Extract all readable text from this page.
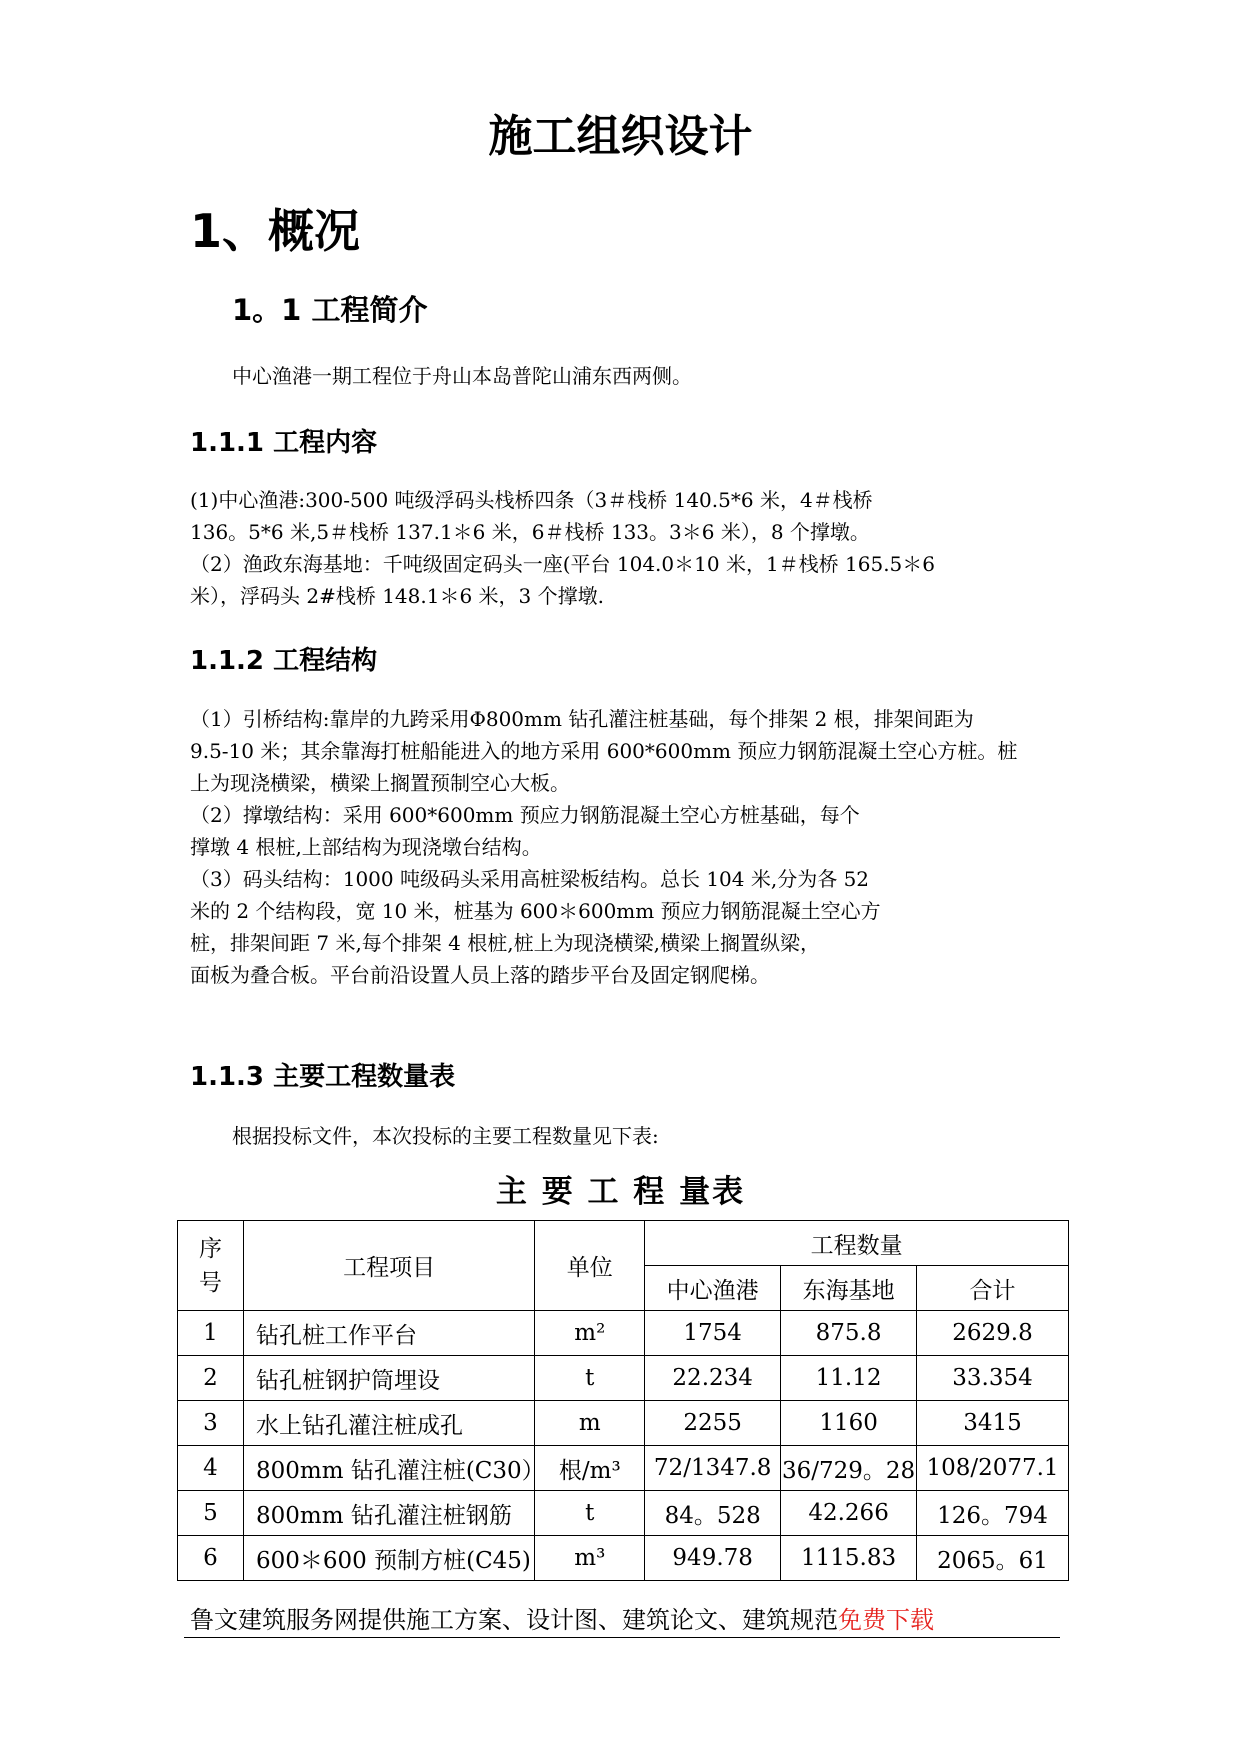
施工组织设计
1、概况
1。1 工程简介

中心渔港一期工程位于舟山本岛普陀山浦东西两侧。

1.1.1 工程内容
(1)中心渔港:300-500 吨级浮码头栈桥四条（3＃栈桥 140.5*6 米，4＃栈桥
136。5*6 米,5＃栈桥 137.1＊6 米，6＃栈桥 133。3＊6 米），8 个撑墩。
（2）渔政东海基地：千吨级固定码头一座(平台 104.0＊10 米，1＃栈桥 165.5＊6
米），浮码头 2#栈桥 148.1＊6 米，3 个撑墩.
1.1.2 工程结构
（1）引桥结构:靠岸的九跨采用Φ800mm 钻孔灌注桩基础，每个排架 2 根，排架间距为
9.5-10 米；其余靠海打桩船能进入的地方采用 600*600mm 预应力钢筋混凝土空心方桩。桩
上为现浇横梁，横梁上搁置预制空心大板。
（2）撑墩结构：采用 600*600mm 预应力钢筋混凝土空心方桩基础，每个
撑墩 4 根桩,上部结构为现浇墩台结构。
（3）码头结构：1000 吨级码头采用高桩梁板结构。总长 104 米,分为各 52
米的 2 个结构段，宽 10 米，桩基为 600＊600mm 预应力钢筋混凝土空心方
桩，排架间距 7 米,每个排架 4 根桩,桩上为现浇横梁,横梁上搁置纵梁，
面板为叠合板。平台前沿设置人员上落的踏步平台及固定钢爬梯。
1.1.3 主要工程数量表

根据投标文件，本次投标的主要工程数量见下表:

主 要 工 程 量表
序号	工程项目	单位	工程数量		
			中心渔港	东海基地	合计
1	钻孔桩工作平台	m²	1754	875.8	2629.8
2	钻孔桩钢护筒埋设	t	22.234	11.12	33.354
3	水上钻孔灌注桩成孔	m	2255	1160	3415
4	800mm 钻孔灌注桩(C30）	根/m³	72/1347.8	36/729。28	108/2077.1
5	800mm 钻孔灌注桩钢筋	t	84。528	42.266	126。794
6	600＊600 预制方桩(C45)	m³	949.78	1115.83	2065。61
鲁文建筑服务网提供施工方案、设计图、建筑论文、建筑规范免费下载
